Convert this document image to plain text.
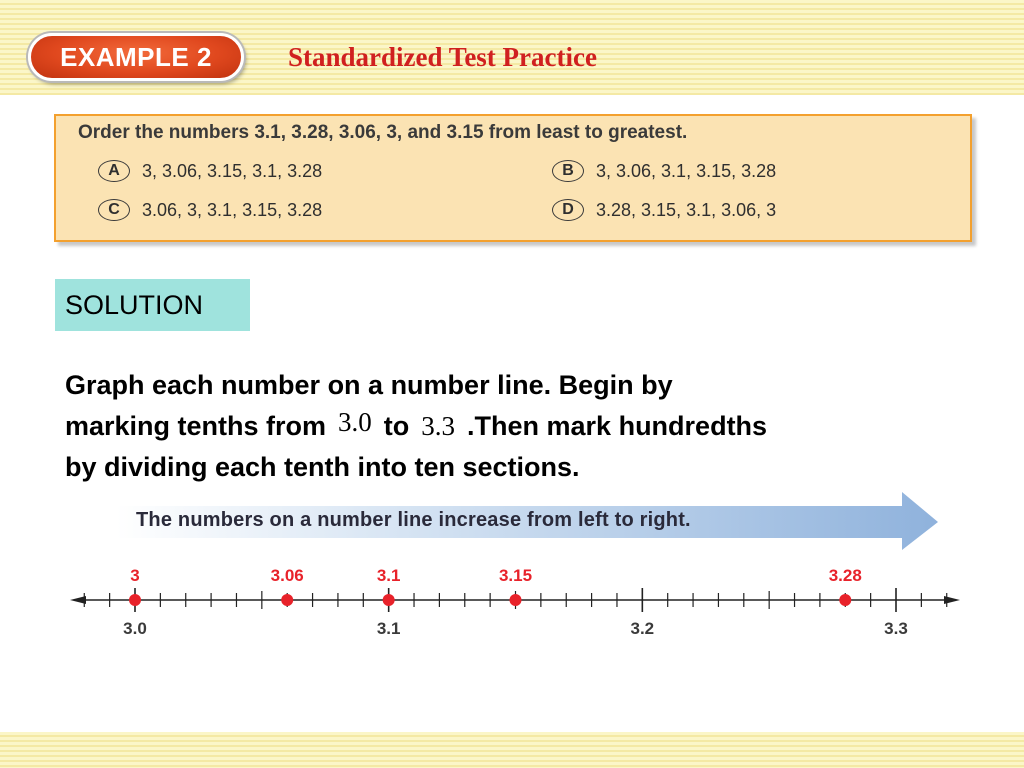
EXAMPLE 2	Standardized Test Practice
Order the numbers 3.1, 3.28, 3.06, 3, and 3.15 from least to greatest.
A 3, 3.06, 3.15, 3.1, 3.28	B 3, 3.06, 3.1, 3.15, 3.28
C 3.06, 3, 3.1, 3.15, 3.28	D 3.28, 3.15, 3.1, 3.06, 3
SOLUTION
Graph each number on a number line. Begin by
marking tenths from 3.0 to 3.3 .Then mark hundredths
by dividing each tenth into ten sections.
The numbers on a number line increase from left to right.
3.0	3.1	3.2	3.3
3	3.06	3.1	3.15	3.28
